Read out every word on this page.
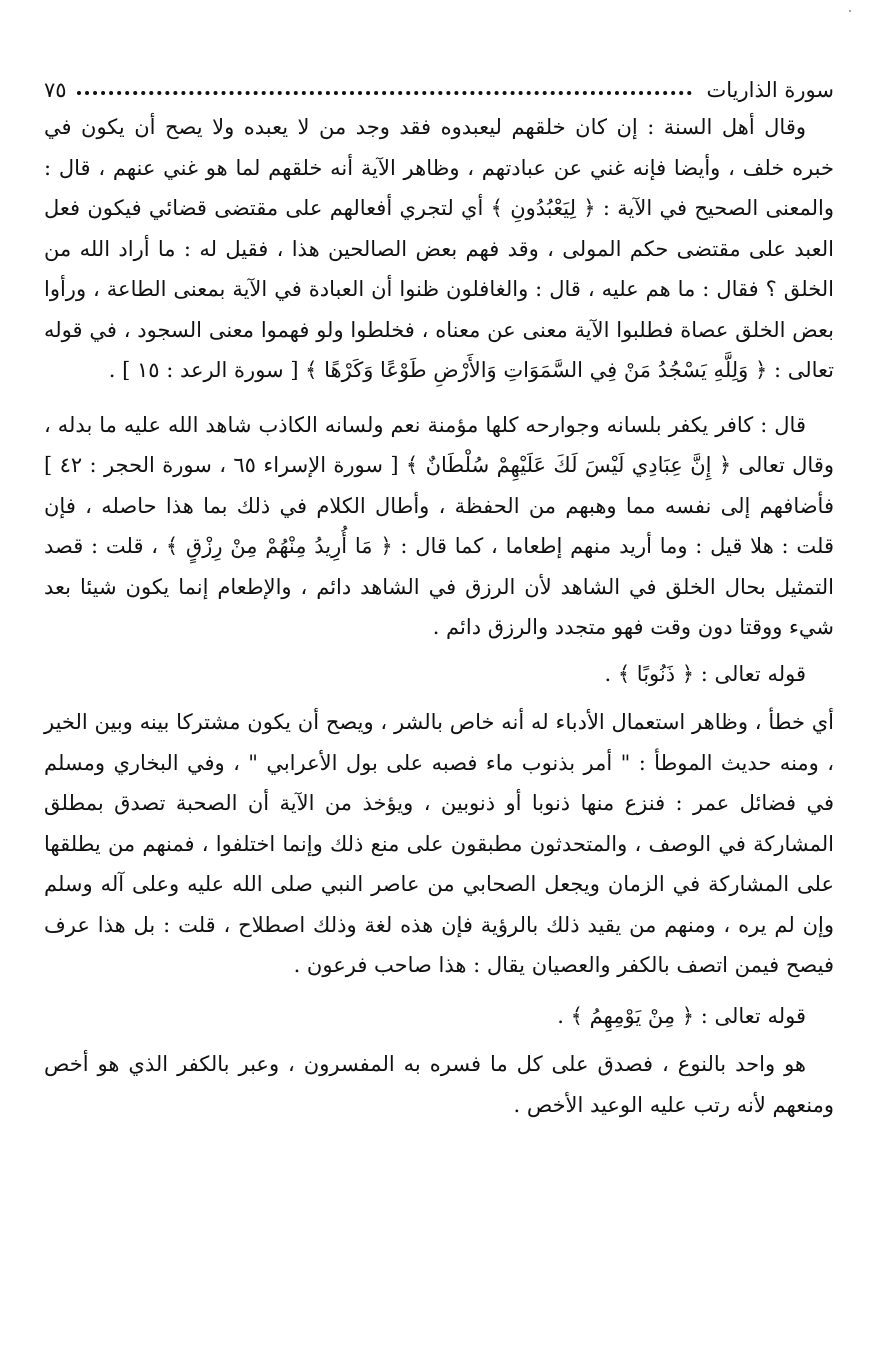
سورة الذاريات
٧٥

وقال أهل السنة : إن كان خلقهم ليعبدوه فقد وجد من لا يعبده ولا يصح أن يكون في خبره خلف ، وأيضا فإنه غني عن عبادتهم ، وظاهر الآية أنه خلقهم لما هو غني عنهم ، قال : والمعنى الصحيح في الآية : ﴿ لِيَعْبُدُونِ ﴾ أي لتجري أفعالهم على مقتضى قضائي فيكون فعل العبد على مقتضى حكم المولى ، وقد فهم بعض الصالحين هذا ، فقيل له : ما أراد الله من الخلق ؟ فقال : ما هم عليه ، قال : والغافلون ظنوا أن العبادة في الآية بمعنى الطاعة ، ورأوا بعض الخلق عصاة فطلبوا الآية معنى عن معناه ، فخلطوا ولو فهموا معنى السجود ، في قوله تعالى : ﴿ وَلِلَّهِ يَسْجُدُ مَنْ فِي السَّمَوَاتِ وَالأَرْضِ طَوْعًا وَكَرْهًا ﴾ [ سورة الرعد : ١٥ ] .

قال : كافر يكفر بلسانه وجوارحه كلها مؤمنة نعم ولسانه الكاذب شاهد الله عليه ما بدله ، وقال تعالى ﴿ إِنَّ عِبَادِي لَيْسَ لَكَ عَلَيْهِمْ سُلْطَانٌ ﴾ [ سورة الإسراء ٦٥ ، سورة الحجر : ٤٢ ] فأضافهم إلى نفسه مما وهبهم من الحفظة ، وأطال الكلام في ذلك بما هذا حاصله ، فإن قلت : هلا قيل : وما أريد منهم إطعاما ، كما قال : ﴿ مَا أُرِيدُ مِنْهُمْ مِنْ رِزْقٍ ﴾ ، قلت : قصد التمثيل بحال الخلق في الشاهد لأن الرزق في الشاهد دائم ، والإطعام إنما يكون شيئا بعد شيء ووقتا دون وقت فهو متجدد والرزق دائم .

قوله تعالى : ﴿ ذَنُوبًا ﴾ .

أي خطأ ، وظاهر استعمال الأدباء له أنه خاص بالشر ، ويصح أن يكون مشتركا بينه وبين الخير ، ومنه حديث الموطأ : " أمر بذنوب ماء فصبه على بول الأعرابي " ، وفي البخاري ومسلم في فضائل عمر : فنزع منها ذنوبا أو ذنوبين ، ويؤخذ من الآية أن الصحبة تصدق بمطلق المشاركة في الوصف ، والمتحدثون مطبقون على منع ذلك وإنما اختلفوا ، فمنهم من يطلقها على المشاركة في الزمان ويجعل الصحابي من عاصر النبي صلى الله عليه وعلى آله وسلم وإن لم يره ، ومنهم من يقيد ذلك بالرؤية فإن هذه لغة وذلك اصطلاح ، قلت : بل هذا عرف فيصح فيمن اتصف بالكفر والعصيان يقال : هذا صاحب فرعون .

قوله تعالى : ﴿ مِنْ يَوْمِهِمُ ﴾ .

هو واحد بالنوع ، فصدق على كل ما فسره به المفسرون ، وعبر بالكفر الذي هو أخص ومنعهم لأنه رتب عليه الوعيد الأخص .
